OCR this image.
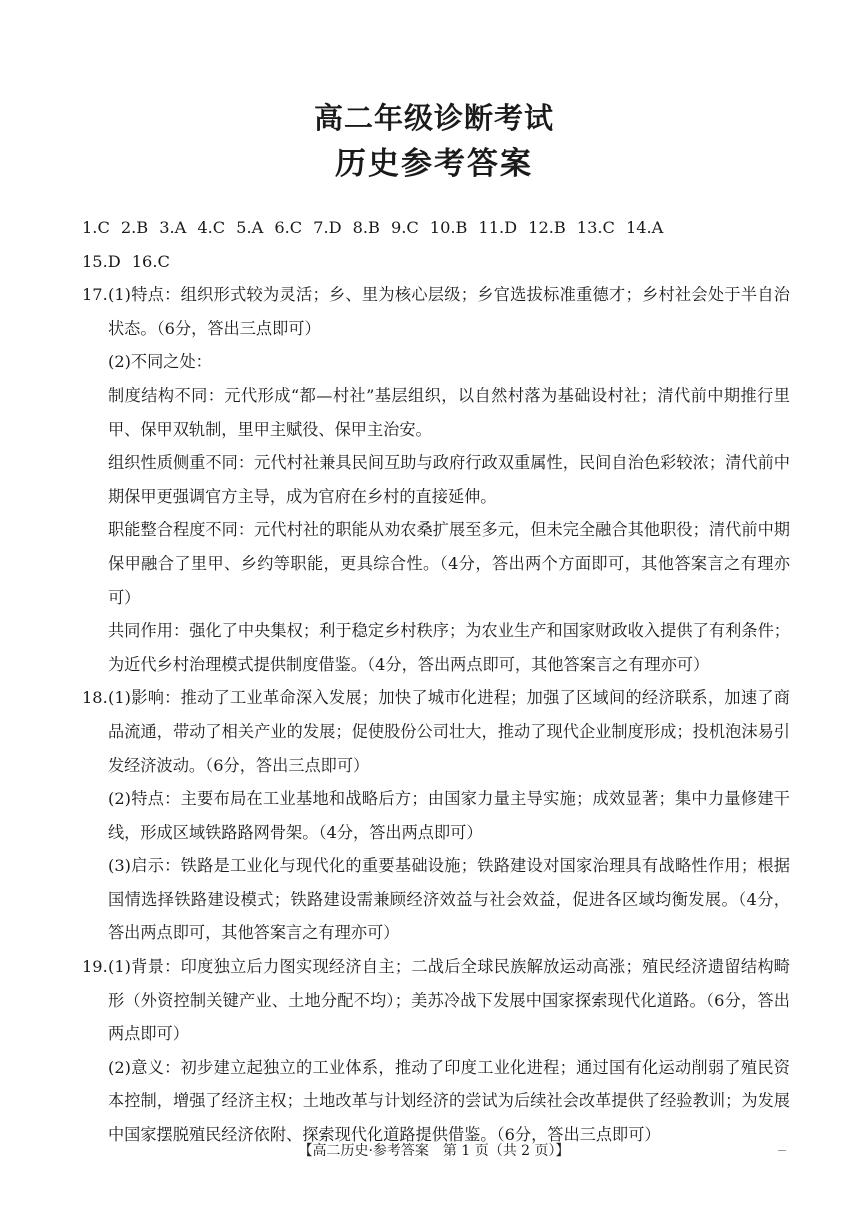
高二年级诊断考试
历史参考答案
1.C 2.B 3.A 4.C 5.A 6.C 7.D 8.B 9.C 10.B 11.D 12.B 13.C 14.A
15.D 16.C
17. (1)特点：组织形式较为灵活；乡、里为核心层级；乡官选拔标准重德才；乡村社会处于半自治状态。（6分，答出三点即可）

(2)不同之处：

制度结构不同：元代形成“都—村社”基层组织，以自然村落为基础设村社；清代前中期推行里甲、保甲双轨制，里甲主赋役、保甲主治安。

组织性质侧重不同：元代村社兼具民间互助与政府行政双重属性，民间自治色彩较浓；清代前中期保甲更强调官方主导，成为官府在乡村的直接延伸。

职能整合程度不同：元代村社的职能从劝农桑扩展至多元，但未完全融合其他职役；清代前中期保甲融合了里甲、乡约等职能，更具综合性。（4分，答出两个方面即可，其他答案言之有理亦可）

共同作用：强化了中央集权；利于稳定乡村秩序；为农业生产和国家财政收入提供了有利条件；为近代乡村治理模式提供制度借鉴。（4分，答出两点即可，其他答案言之有理亦可）

18. (1)影响：推动了工业革命深入发展；加快了城市化进程；加强了区域间的经济联系，加速了商品流通，带动了相关产业的发展；促使股份公司壮大，推动了现代企业制度形成；投机泡沫易引发经济波动。（6分，答出三点即可）

(2)特点：主要布局在工业基地和战略后方；由国家力量主导实施；成效显著；集中力量修建干线，形成区域铁路路网骨架。（4分，答出两点即可）

(3)启示：铁路是工业化与现代化的重要基础设施；铁路建设对国家治理具有战略性作用；根据国情选择铁路建设模式；铁路建设需兼顾经济效益与社会效益，促进各区域均衡发展。（4分，答出两点即可，其他答案言之有理亦可）

19. (1)背景：印度独立后力图实现经济自主；二战后全球民族解放运动高涨；殖民经济遗留结构畸形（外资控制关键产业、土地分配不均）；美苏冷战下发展中国家探索现代化道路。（6分，答出两点即可）

(2)意义：初步建立起独立的工业体系，推动了印度工业化进程；通过国有化运动削弱了殖民资本控制，增强了经济主权；土地改革与计划经济的尝试为后续社会改革提供了经验教训；为发展中国家摆脱殖民经济依附、探索现代化道路提供借鉴。（6分，答出三点即可）

【高二历史·参考答案　第 1 页（共 2 页）】
